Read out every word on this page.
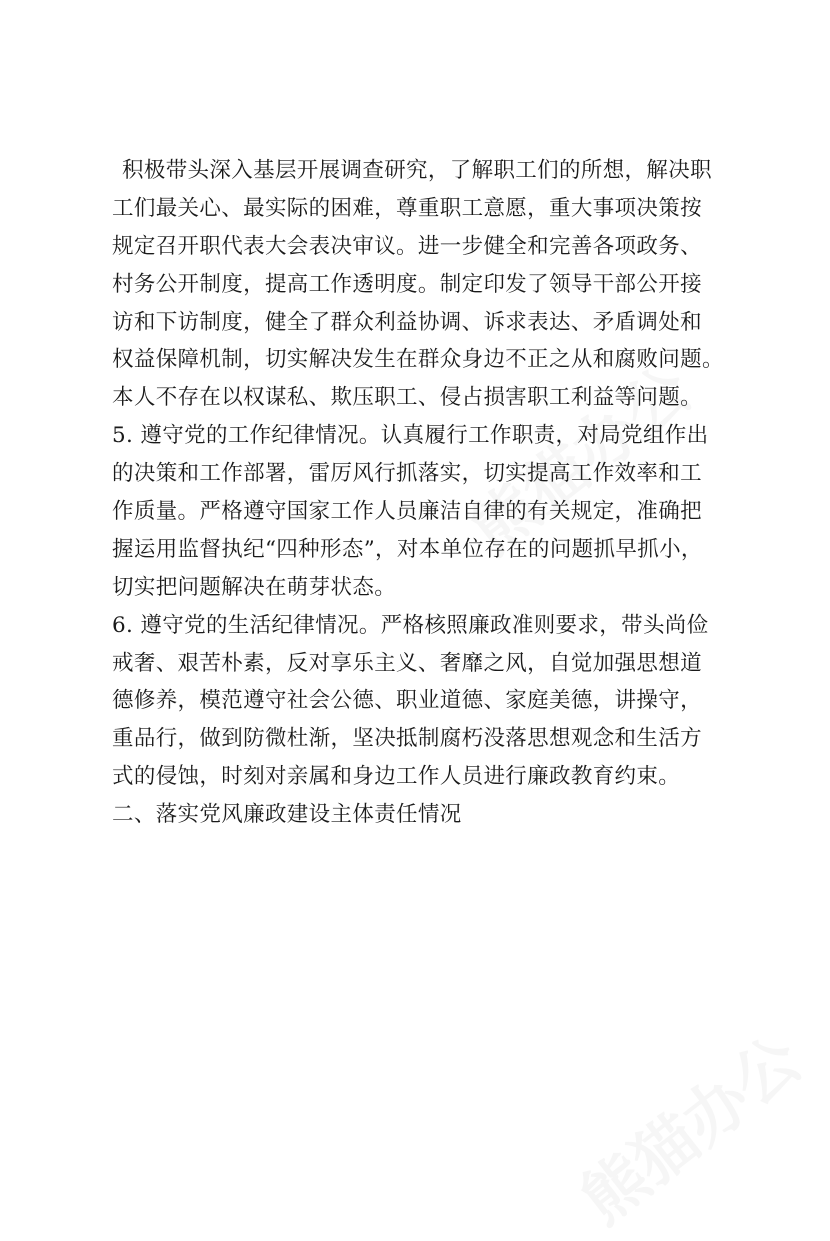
积极带头深入基层开展调查研究，了解职工们的所想，解决职
工们最关心、最实际的困难，尊重职工意愿，重大事项决策按
规定召开职代表大会表决审议。进一步健全和完善各项政务、
村务公开制度，提高工作透明度。制定印发了领导干部公开接
访和下访制度，健全了群众利益协调、诉求表达、矛盾调处和
权益保障机制，切实解决发生在群众身边不正之从和腐败问题。
本人不存在以权谋私、欺压职工、侵占损害职工利益等问题。
5. 遵守党的工作纪律情况。认真履行工作职责，对局党组作出
的决策和工作部署，雷厉风行抓落实，切实提高工作效率和工
作质量。严格遵守国家工作人员廉洁自律的有关规定，准确把
握运用监督执纪“四种形态”，对本单位存在的问题抓早抓小，
切实把问题解决在萌芽状态。
6. 遵守党的生活纪律情况。严格核照廉政准则要求，带头尚俭
戒奢、艰苦朴素，反对享乐主义、奢靡之风，自觉加强思想道
德修养，模范遵守社会公德、职业道德、家庭美德，讲操守，
重品行，做到防微杜渐，坚决抵制腐朽没落思想观念和生活方
式的侵蚀，时刻对亲属和身边工作人员进行廉政教育约束。
二、落实党风廉政建设主体责任情况
